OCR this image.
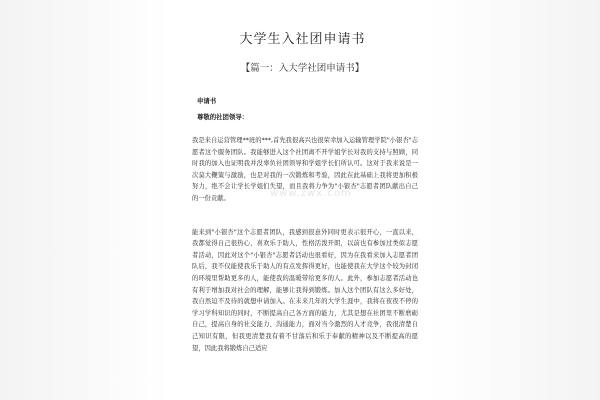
大学生入社团申请书
【篇一：入大学社团申请书】
申请书
尊敬的社团领导：
我是来自运营管理**班的***,首先我很高兴也很荣幸加入运输管理学院"小银杏"志愿者这个服务团队。我能够进入这个社团离不开学姐学长对我的支持与照顾，同时我的加入也证明我并没辜负社团领导和学姐学长们所认可。这对于我来说是一次莫大鞭策与激励，也是对我的一次锻炼和考验，因此在此基础上我将更加积极努力，绝不会让学长学姐们失望，而且我将力争为"小银杏"志愿者团队献出自己的一份贡献。
能来到"小银杏"这个志愿者团队，我感到很意外同时更表示很开心，一直以来，我都觉得自己很热心，喜欢乐于助人，性格活泼开朗，以前也有参加过类似志愿者活动，因此对这个"小银杏"志愿者活动也很看好，因为在我看来加入志愿者团队后，我不仅能使我乐于助人的有点发挥得更好，也能使我在大学这个较为封闭的环境里帮助更多的人，能使我的温暖带给更多的人。此外，参加志愿者活动也有利于增加我对社会的理解，能够让我得到锻炼。加入这个团队有这么多好处，我自然迫不及待的就想申请加入。在未来几年的大学生涯中，我将在夜夜不停的学习学科知识的同时，不断提高自己各方面的能力，尤其是想在社团里不断磨砺自己，提高自身的社交能力、沟通能力，面对当今激烈的人才竞争，我很清楚自己知识有限，但我更清楚我有着不甘落后和乐于奉献的精神以及不断提高的愿望，因此我将锻炼自己适应
www.zwx.com
